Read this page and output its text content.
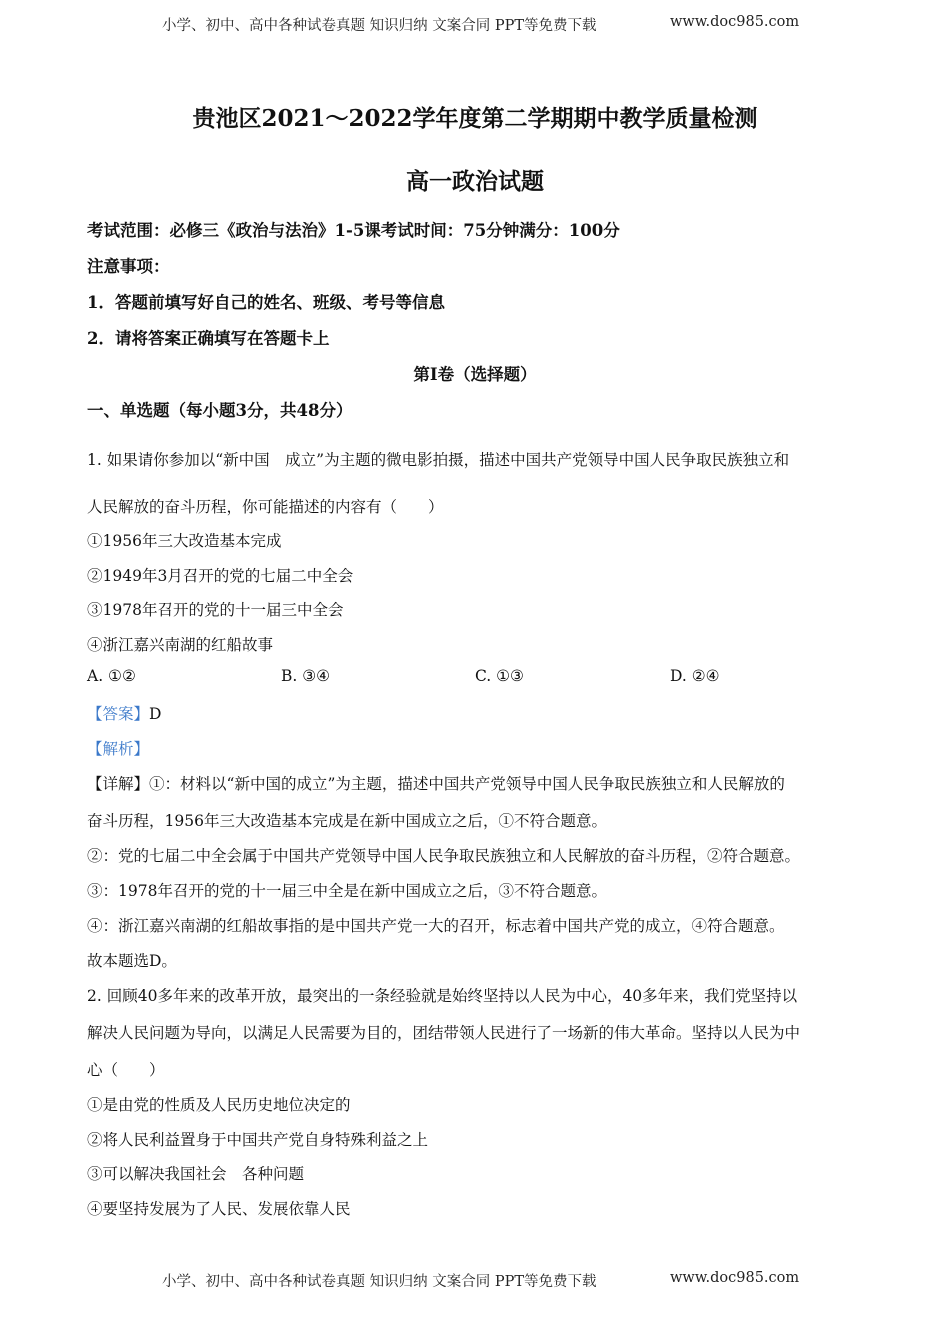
小学、初中、高中各种试卷真题 知识归纳 文案合同 PPT等免费下载	www.doc985.com
贵池区2021～2022学年度第二学期期中教学质量检测
高一政治试题
考试范围：必修三《政治与法治》1-5课考试时间：75分钟满分：100分
注意事项：
1．答题前填写好自己的姓名、班级、考号等信息
2．请将答案正确填写在答题卡上
第I卷（选择题）
一、单选题（每小题3分，共48分）
1. 如果请你参加以“新中国　成立”为主题的微电影拍摄，描述中国共产党领导中国人民争取民族独立和
人民解放的奋斗历程，你可能描述的内容有（　　）
①1956年三大改造基本完成
②1949年3月召开的党的七届二中全会
③1978年召开的党的十一届三中全会
④浙江嘉兴南湖的红船故事
A. ①②	B. ③④	C. ①③	D. ②④
【答案】D
【解析】
【详解】①：材料以“新中国的成立”为主题，描述中国共产党领导中国人民争取民族独立和人民解放的
奋斗历程，1956年三大改造基本完成是在新中国成立之后，①不符合题意。
②：党的七届二中全会属于中国共产党领导中国人民争取民族独立和人民解放的奋斗历程，②符合题意。
③：1978年召开的党的十一届三中全是在新中国成立之后，③不符合题意。
④：浙江嘉兴南湖的红船故事指的是中国共产党一大的召开，标志着中国共产党的成立，④符合题意。
故本题选D。
2. 回顾40多年来的改革开放，最突出的一条经验就是始终坚持以人民为中心，40多年来，我们党坚持以
解决人民问题为导向，以满足人民需要为目的，团结带领人民进行了一场新的伟大革命。坚持以人民为中
心（　　）
①是由党的性质及人民历史地位决定的
②将人民利益置身于中国共产党自身特殊利益之上
③可以解决我国社会　各种问题
④要坚持发展为了人民、发展依靠人民
小学、初中、高中各种试卷真题 知识归纳 文案合同 PPT等免费下载	www.doc985.com
